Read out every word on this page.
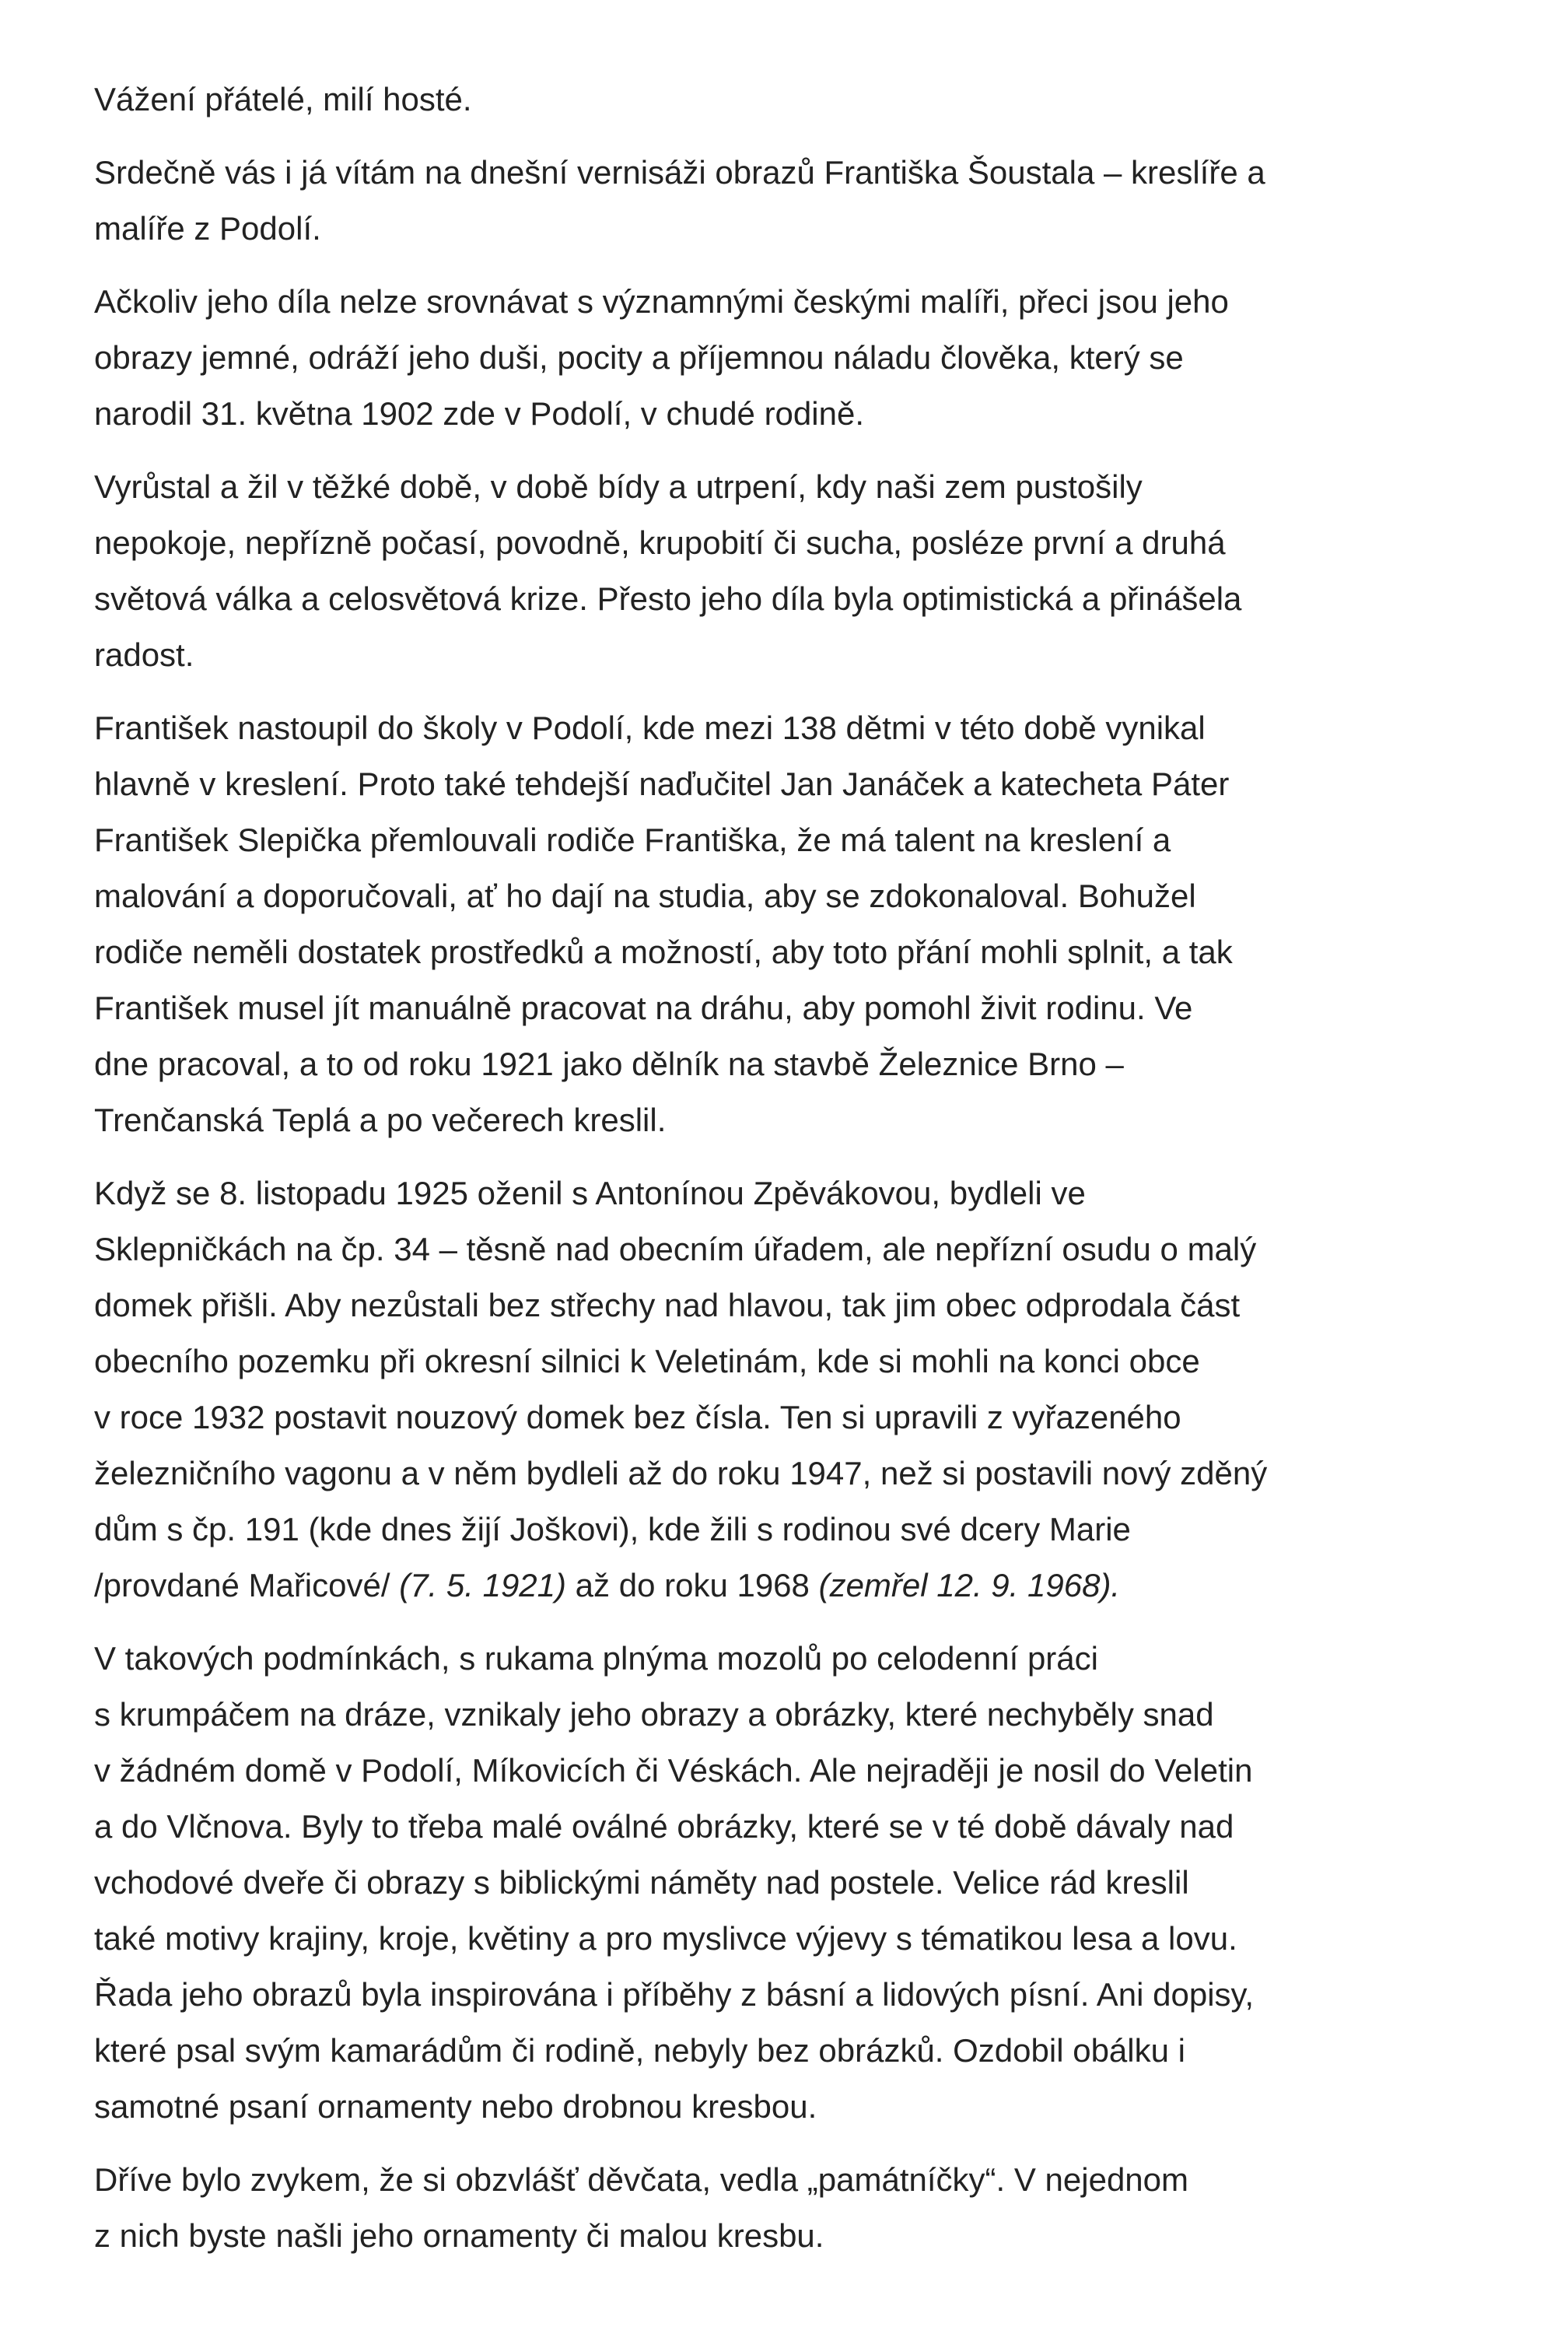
Vážení přátelé, milí hosté.
Srdečně vás i já vítám na dnešní vernisáži obrazů Františka Šoustala – kreslíře a
malíře z Podolí.
Ačkoliv jeho díla nelze srovnávat s významnými českými malíři, přeci jsou jeho
obrazy jemné, odráží jeho duši, pocity a příjemnou náladu člověka, který se
narodil 31. května 1902 zde v Podolí, v chudé rodině.
Vyrůstal a žil v těžké době, v době bídy a utrpení, kdy naši zem pustošily
nepokoje, nepřízně počasí, povodně, krupobití či sucha, posléze první a druhá
světová válka a celosvětová krize. Přesto jeho díla byla optimistická a přinášela
radost.
František nastoupil do školy v Podolí, kde mezi 138 dětmi v této době vynikal
hlavně v kreslení. Proto také tehdejší naďučitel Jan Janáček a katecheta Páter
František Slepička přemlouvali rodiče Františka, že má talent na kreslení a
malování a doporučovali, ať ho dají na studia, aby se zdokonaloval. Bohužel
rodiče neměli dostatek prostředků a možností, aby toto přání mohli splnit, a tak
František musel jít manuálně pracovat na dráhu, aby pomohl živit rodinu. Ve
dne pracoval, a to od roku 1921 jako dělník na stavbě Železnice Brno –
Trenčanská Teplá a po večerech kreslil.
Když se 8. listopadu 1925 oženil s Antonínou Zpěvákovou, bydleli ve
Sklepničkách na čp. 34 – těsně nad obecním úřadem, ale nepřízní osudu o malý
domek přišli. Aby nezůstali bez střechy nad hlavou, tak jim obec odprodala část
obecního pozemku při okresní silnici k Veletinám, kde si mohli na konci obce
v roce 1932 postavit nouzový domek bez čísla. Ten si upravili z vyřazeného
železničního vagonu a v něm bydleli až do roku 1947, než si postavili nový zděný
dům s čp. 191 (kde dnes žijí Joškovi), kde žili s rodinou své dcery Marie
/provdané Mařicové/ (7. 5. 1921) až do roku 1968 (zemřel 12. 9. 1968).
V takových podmínkách, s rukama plnýma mozolů po celodenní práci
s krumpáčem na dráze, vznikaly jeho obrazy a obrázky, které nechyběly snad
v žádném domě v Podolí, Míkovicích či Véskách. Ale nejraději je nosil do Veletin
a do Vlčnova. Byly to třeba malé oválné obrázky, které se v té době dávaly nad
vchodové dveře či obrazy s biblickými náměty nad postele. Velice rád kreslil
také motivy krajiny, kroje, květiny a pro myslivce výjevy s tématikou lesa a lovu.
Řada jeho obrazů byla inspirována i příběhy z básní a lidových písní. Ani dopisy,
které psal svým kamarádům či rodině, nebyly bez obrázků. Ozdobil obálku i
samotné psaní ornamenty nebo drobnou kresbou.
Dříve bylo zvykem, že si obzvlášť děvčata, vedla „památníčky“. V nejednom
z nich byste našli jeho ornamenty či malou kresbu.
